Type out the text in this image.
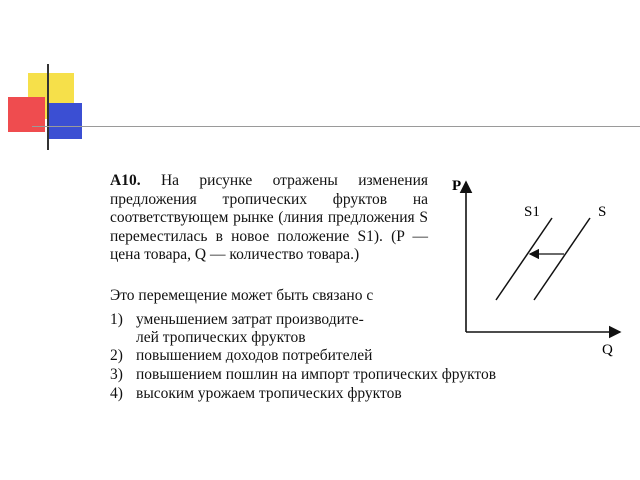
А10. На рисунке отражены изменения предложения тропических фруктов на соответствующем рынке (линия предложения S переместилась в новое положение S1). (P — цена товара, Q — количество товара.)
Это перемещение может быть связано с
1) уменьшением затрат производите-
лей тропических фруктов
2) повышением доходов потребителей
3) повышением пошлин на импорт тропических фруктов
4) высоким урожаем тропических фруктов
P
Q
S1	S
